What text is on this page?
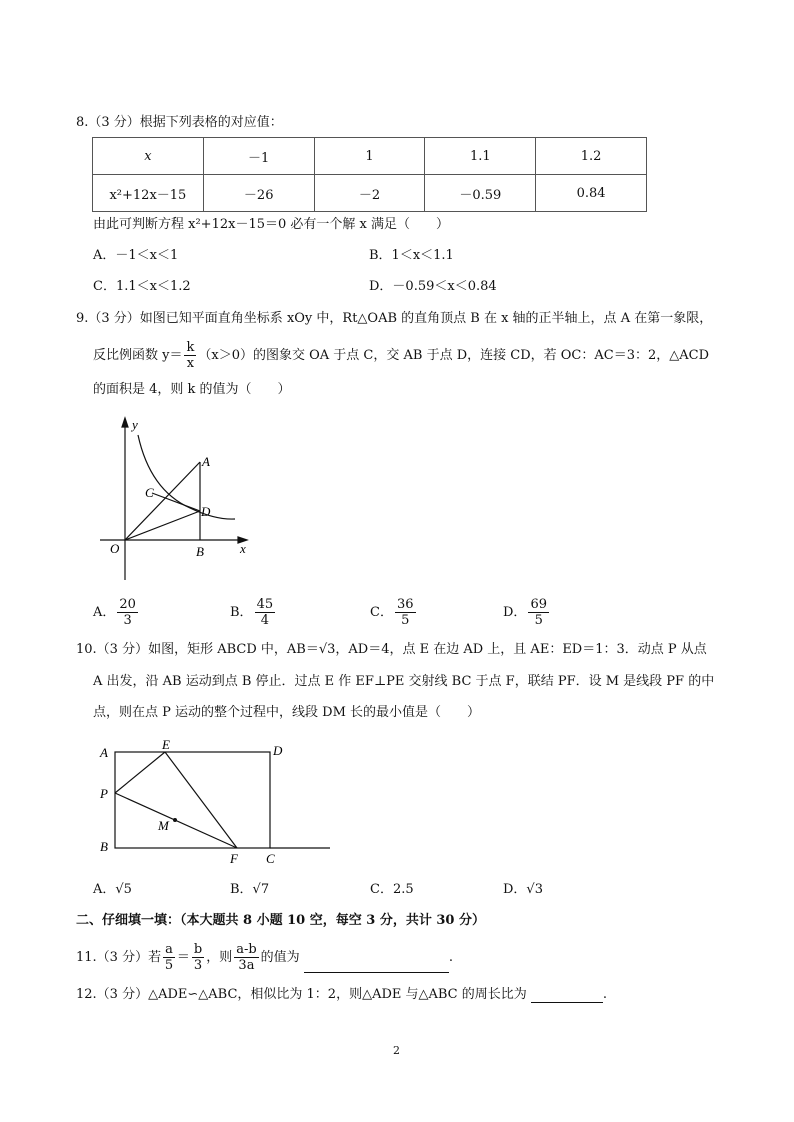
8.（3 分）根据下列表格的对应值：
x	－1	1	1.1	1.2
x²+12x－15	－26	－2	－0.59	0.84
由此可判断方程 x²+12x－15＝0 必有一个解 x 满足（　　）
A．－1＜x＜1	B．1＜x＜1.1
C．1.1＜x＜1.2	D．－0.59＜x＜0.84
9.（3 分）如图已知平面直角坐标系 xOy 中，Rt△OAB 的直角顶点 B 在 x 轴的正半轴上，点 A 在第一象限，
反比例函数 $y= \frac{k}{x} (x>0)$的图象交 OA 于点 C，交 AB 于点 D，连接 CD，若 OC：AC＝3：2，△ACD
的面积是 4，则 k 的值为（　　）
y
x
O
A
B
C
D
A． $\frac{20}{3}$	B． $\frac{45}{4}$	C． $\frac{36}{5}$	D． $\frac{69}{5}$
10.（3 分）如图，矩形 ABCD 中，AB＝√3，AD＝4，点 E 在边 AD 上，且 AE：ED＝1：3．动点 P 从点
A 出发，沿 AB 运动到点 B 停止．过点 E 作 EF⊥PE 交射线 BC 于点 F，联结 PF．设 M 是线段 PF 的中
点，则在点 P 运动的整个过程中，线段 DM 长的最小值是（　　）
A
B
C
D
E
F
P
M
A．√5	B．√7	C．2.5	D．√3
二、仔细填一填：（本大题共 8 小题 10 空，每空 3 分，共计 30 分）
11.（3 分）若 $\frac{a}{5} = \frac{b}{3}$ ，则 $\frac{a-b}{3a}$ 的值为	.
12.（3 分）△ADE∽△ABC，相似比为 1：2，则△ADE 与△ABC 的周长比为	.
2
